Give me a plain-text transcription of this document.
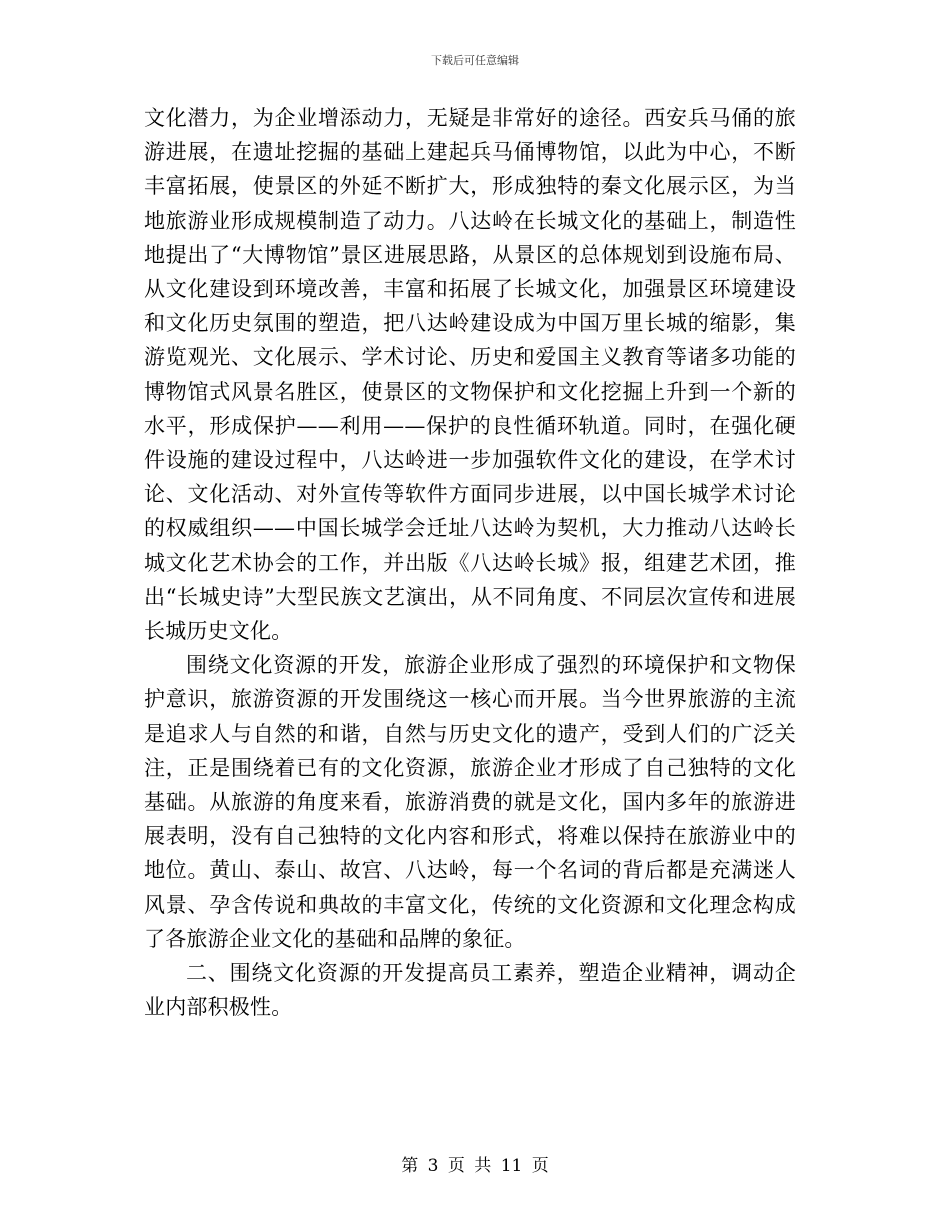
下载后可任意编辑

文化潜力，为企业增添动力，无疑是非常好的途径。西安兵马俑的旅游进展，在遗址挖掘的基础上建起兵马俑博物馆，以此为中心，不断丰富拓展，使景区的外延不断扩大，形成独特的秦文化展示区，为当地旅游业形成规模制造了动力。八达岭在长城文化的基础上，制造性地提出了“大博物馆”景区进展思路，从景区的总体规划到设施布局、从文化建设到环境改善，丰富和拓展了长城文化，加强景区环境建设和文化历史氛围的塑造，把八达岭建设成为中国万里长城的缩影，集游览观光、文化展示、学术讨论、历史和爱国主义教育等诸多功能的博物馆式风景名胜区，使景区的文物保护和文化挖掘上升到一个新的水平，形成保护——利用——保护的良性循环轨道。同时，在强化硬件设施的建设过程中，八达岭进一步加强软件文化的建设，在学术讨论、文化活动、对外宣传等软件方面同步进展，以中国长城学术讨论的权威组织——中国长城学会迁址八达岭为契机，大力推动八达岭长城文化艺术协会的工作，并出版《八达岭长城》报，组建艺术团，推出“长城史诗”大型民族文艺演出，从不同角度、不同层次宣传和进展长城历史文化。

围绕文化资源的开发，旅游企业形成了强烈的环境保护和文物保护意识，旅游资源的开发围绕这一核心而开展。当今世界旅游的主流是追求人与自然的和谐，自然与历史文化的遗产，受到人们的广泛关注，正是围绕着已有的文化资源，旅游企业才形成了自己独特的文化基础。从旅游的角度来看，旅游消费的就是文化，国内多年的旅游进展表明，没有自己独特的文化内容和形式，将难以保持在旅游业中的地位。黄山、泰山、故宫、八达岭，每一个名词的背后都是充满迷人风景、孕含传说和典故的丰富文化，传统的文化资源和文化理念构成了各旅游企业文化的基础和品牌的象征。

二、围绕文化资源的开发提高员工素养，塑造企业精神，调动企业内部积极性。

第 3 页 共 11 页
